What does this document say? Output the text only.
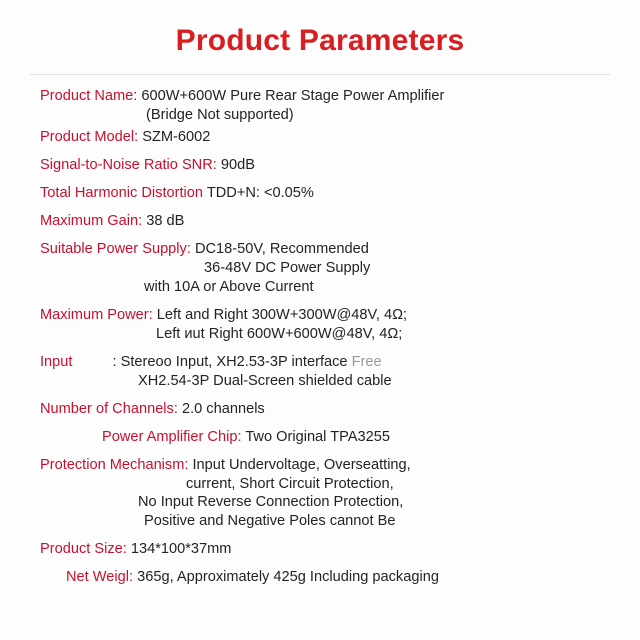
Product Parameters
Product Name: 600W+600W Pure Rear Stage Power Amplifier
(Bridge Not supported)
Product Model: SZM-6002
Signal-to-Noise Ratio SNR: 90dB
Total Harmonic Distortion TDD+N: <0.05%
Maximum Gain: 38 dB
Suitable Power Supply: DC18-50V, Recommended
36-48V DC Power Supply
with 10A or Above Current
Maximum Power: Left and Right 300W+300W@48V, 4Ω;
Left иut Right 600W+600W@48V, 4Ω;
Input	: Stereoo Input, XH2.53-3P interface Free
XH2.54-3P Dual-Screen shielded cable
Number of Channels: 2.0 channels
Power Amplifier Chip: Two Original TPA3255
Protection Mechanism: Input Undervoltage, Overseatting,
current, Short Circuit Protection,
No Input Reverse Connection Protection,
Positive and Negative Poles cannot Be
Product Size: 134*100*37mm
Net Weigl: 365g, Approximately 425g Including packaging
